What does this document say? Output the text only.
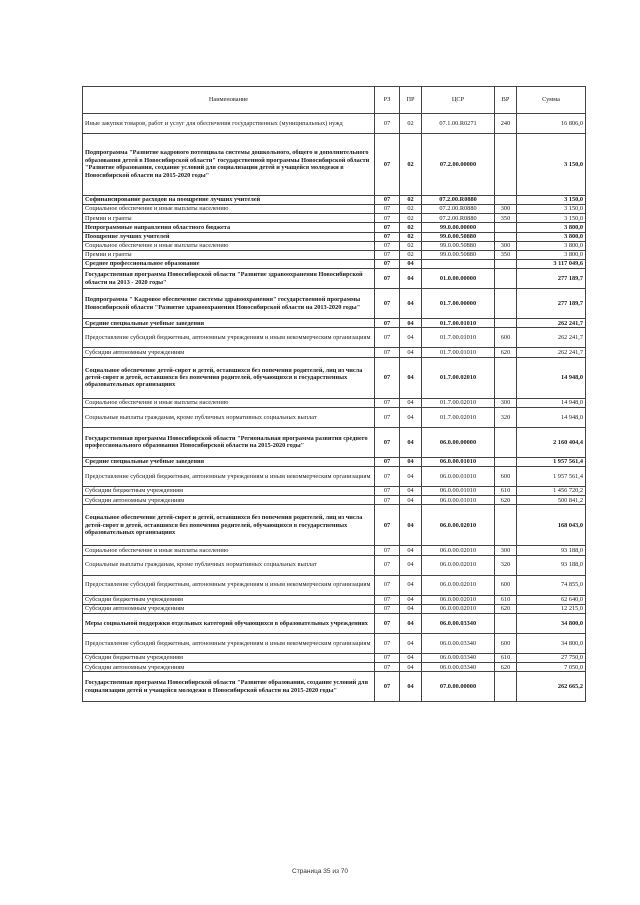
Наименование	РЗ	ПР	ЦСР	ВР	Сумма
Иные закупки товаров, работ и услуг для обеспечения государственных (муниципальных) нужд	07	02	07.1.00.R0271	240	16 806,0
Подпрограмма "Развитие кадрового потенциала системы дошкольного, общего и дополнительного образования детей в Новосибирской области" государственной программы Новосибирской области "Развитие образования, создание условий для социализации детей и учащейся молодежи в Новосибирской области на 2015-2020 годы"	07	02	07.2.00.00000		3 150,0
Софинансирование расходов на поощрение лучших учителей	07	02	07.2.00.R0880		3 150,0
Социальное обеспечение и иные выплаты населению	07	02	07.2.00.R0880	300	3 150,0
Премии и гранты	07	02	07.2.00.R0880	350	3 150,0
Непрограммные направления областного бюджета	07	02	99.0.00.00000		3 800,0
Поощрение лучших учителей	07	02	99.0.00.50880		3 800,0
Социальное обеспечение и иные выплаты населению	07	02	99.0.00.50880	300	3 800,0
Премии и гранты	07	02	99.0.00.50880	350	3 800,0
Среднее профессиональное образование	07	04			3 117 049,6
Государственная программа Новосибирской области "Развитие здравоохранения Новосибирской области на 2013 - 2020 годы"	07	04	01.0.00.00000		277 189,7
Подпрограмма " Кадровое обеспечение системы здравоохранения" государственной программы Новосибирской области "Развитие здравоохранения Новосибирской области на 2013-2020 годы"	07	04	01.7.00.00000		277 189,7
Средние специальные учебные заведения	07	04	01.7.00.01010		262 241,7
Предоставление субсидий бюджетным, автономным учреждениям и иным некоммерческим организациям	07	04	01.7.00.01010	600	262 241,7
Субсидии автономным учреждениям	07	04	01.7.00.01010	620	262 241,7
Социальное обеспечение детей-сирот и детей, оставшихся без попечения родителей, лиц из числа детей-сирот и детей, оставшихся без попечения родителей, обучающихся в государственных образовательных организациях	07	04	01.7.00.02010		14 948,0
Социальное обеспечение и иные выплаты населению	07	04	01.7.00.02010	300	14 948,0
Социальные выплаты гражданам, кроме публичных нормативных социальных выплат	07	04	01.7.00.02010	320	14 948,0
Государственная программа Новосибирской области "Региональная программа развития среднего профессионального образования Новосибирской области на 2015-2020 годы"	07	04	06.0.00.00000		2 160 404,4
Средние специальные учебные заведения	07	04	06.0.00.01010		1 957 561,4
Предоставление субсидий бюджетным, автономным учреждениям и иным некоммерческим организациям	07	04	06.0.00.01010	600	1 957 561,4
Субсидии бюджетным учреждениям	07	04	06.0.00.01010	610	1 456 720,2
Субсидии автономным учреждениям	07	04	06.0.00.01010	620	500 841,2
Социальное обеспечение детей-сирот и детей, оставшихся без попечения родителей, лиц из числа детей-сирот и детей, оставшихся без попечения родителей, обучающихся в государственных образовательных организациях	07	04	06.0.00.02010		168 043,0
Социальное обеспечение и иные выплаты населению	07	04	06.0.00.02010	300	93 188,0
Социальные выплаты гражданам, кроме публичных нормативных социальных выплат	07	04	06.0.00.02010	320	93 188,0
Предоставление субсидий бюджетным, автономным учреждениям и иным некоммерческим организациям	07	04	06.0.00.02010	600	74 855,0
Субсидии бюджетным учреждениям	07	04	06.0.00.02010	610	62 640,0
Субсидии автономным учреждениям	07	04	06.0.00.02010	620	12 215,0
Меры социальной поддержки отдельных категорий обучающихся в образовательных учреждениях	07	04	06.0.00.03340		34 800,0
Предоставление субсидий бюджетным, автономным учреждениям и иным некоммерческим организациям	07	04	06.0.00.03340	600	34 800,0
Субсидии бюджетным учреждениям	07	04	06.0.00.03340	610	27 750,0
Субсидии автономным учреждениям	07	04	06.0.00.03340	620	7 050,0
Государственная программа Новосибирской области "Развитие образования, создание условий для социализации детей и учащейся молодежи в Новосибирской области на 2015-2020 годы"	07	04	07.0.00.00000		262 665,2
Страница 35 из 70
